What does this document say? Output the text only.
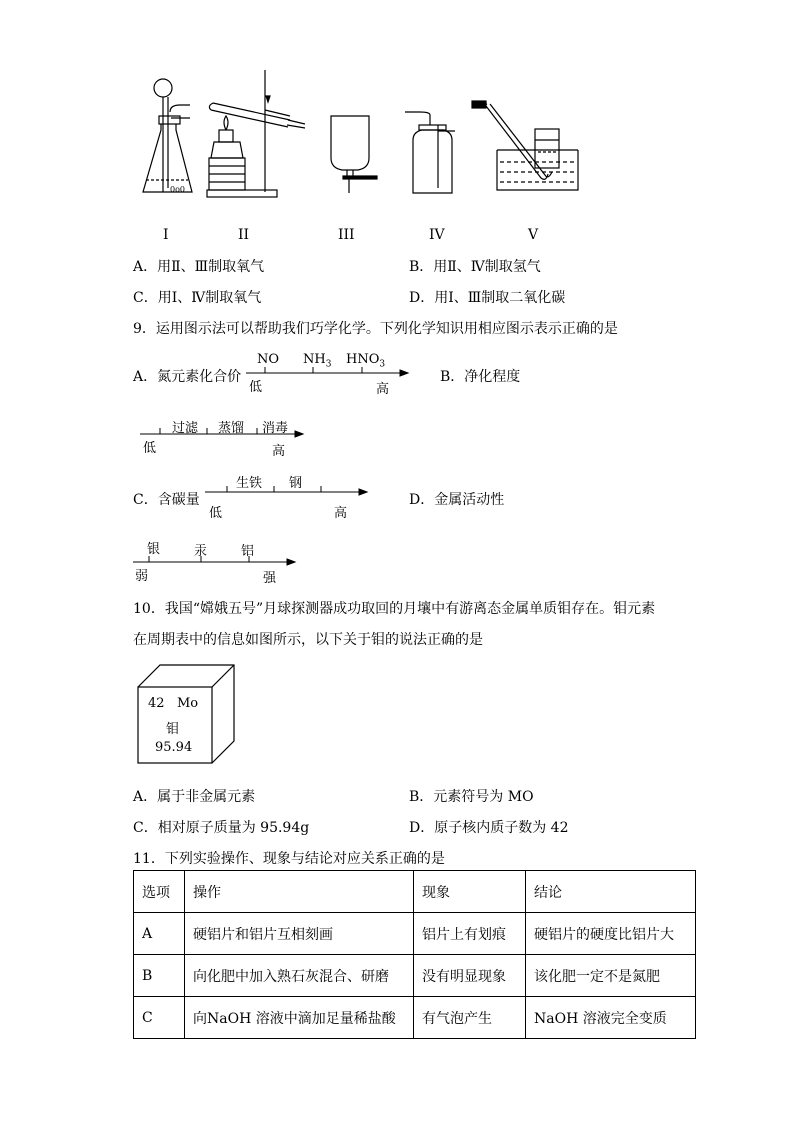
0o0
I	II	III	IV	V
A．用Ⅱ、Ⅲ制取氧气	B．用Ⅱ、Ⅳ制取氢气
C．用Ⅰ、Ⅳ制取氧气	D．用Ⅰ、Ⅲ制取二氧化碳
9．运用图示法可以帮助我们巧学化学。下列化学知识用相应图示表示正确的是
A．氮元素化合价
NO $NH_3$ $HNO_3$
低	高
B．净化程度
过滤 蒸馏 消毒
低	高
C．含碳量
生铁 钢
低	高
D．金属活动性
银	汞	铝
弱	强
10．我国“嫦娥五号”月球探测器成功取回的月壤中有游离态金属单质钼存在。钼元素
在周期表中的信息如图所示，以下关于钼的说法正确的是
42 Mo
钼
95.94
A．属于非金属元素	B．元素符号为 MO
C．相对原子质量为 95.94g	D．原子核内质子数为 42
11．下列实验操作、现象与结论对应关系正确的是
选项	操作	现象	结论
A	硬铝片和铝片互相刻画	铝片上有划痕	硬铝片的硬度比铝片大
B	向化肥中加入熟石灰混合、研磨	没有明显现象	该化肥一定不是氮肥
C	向NaOH 溶液中滴加足量稀盐酸	有气泡产生	NaOH 溶液完全变质
